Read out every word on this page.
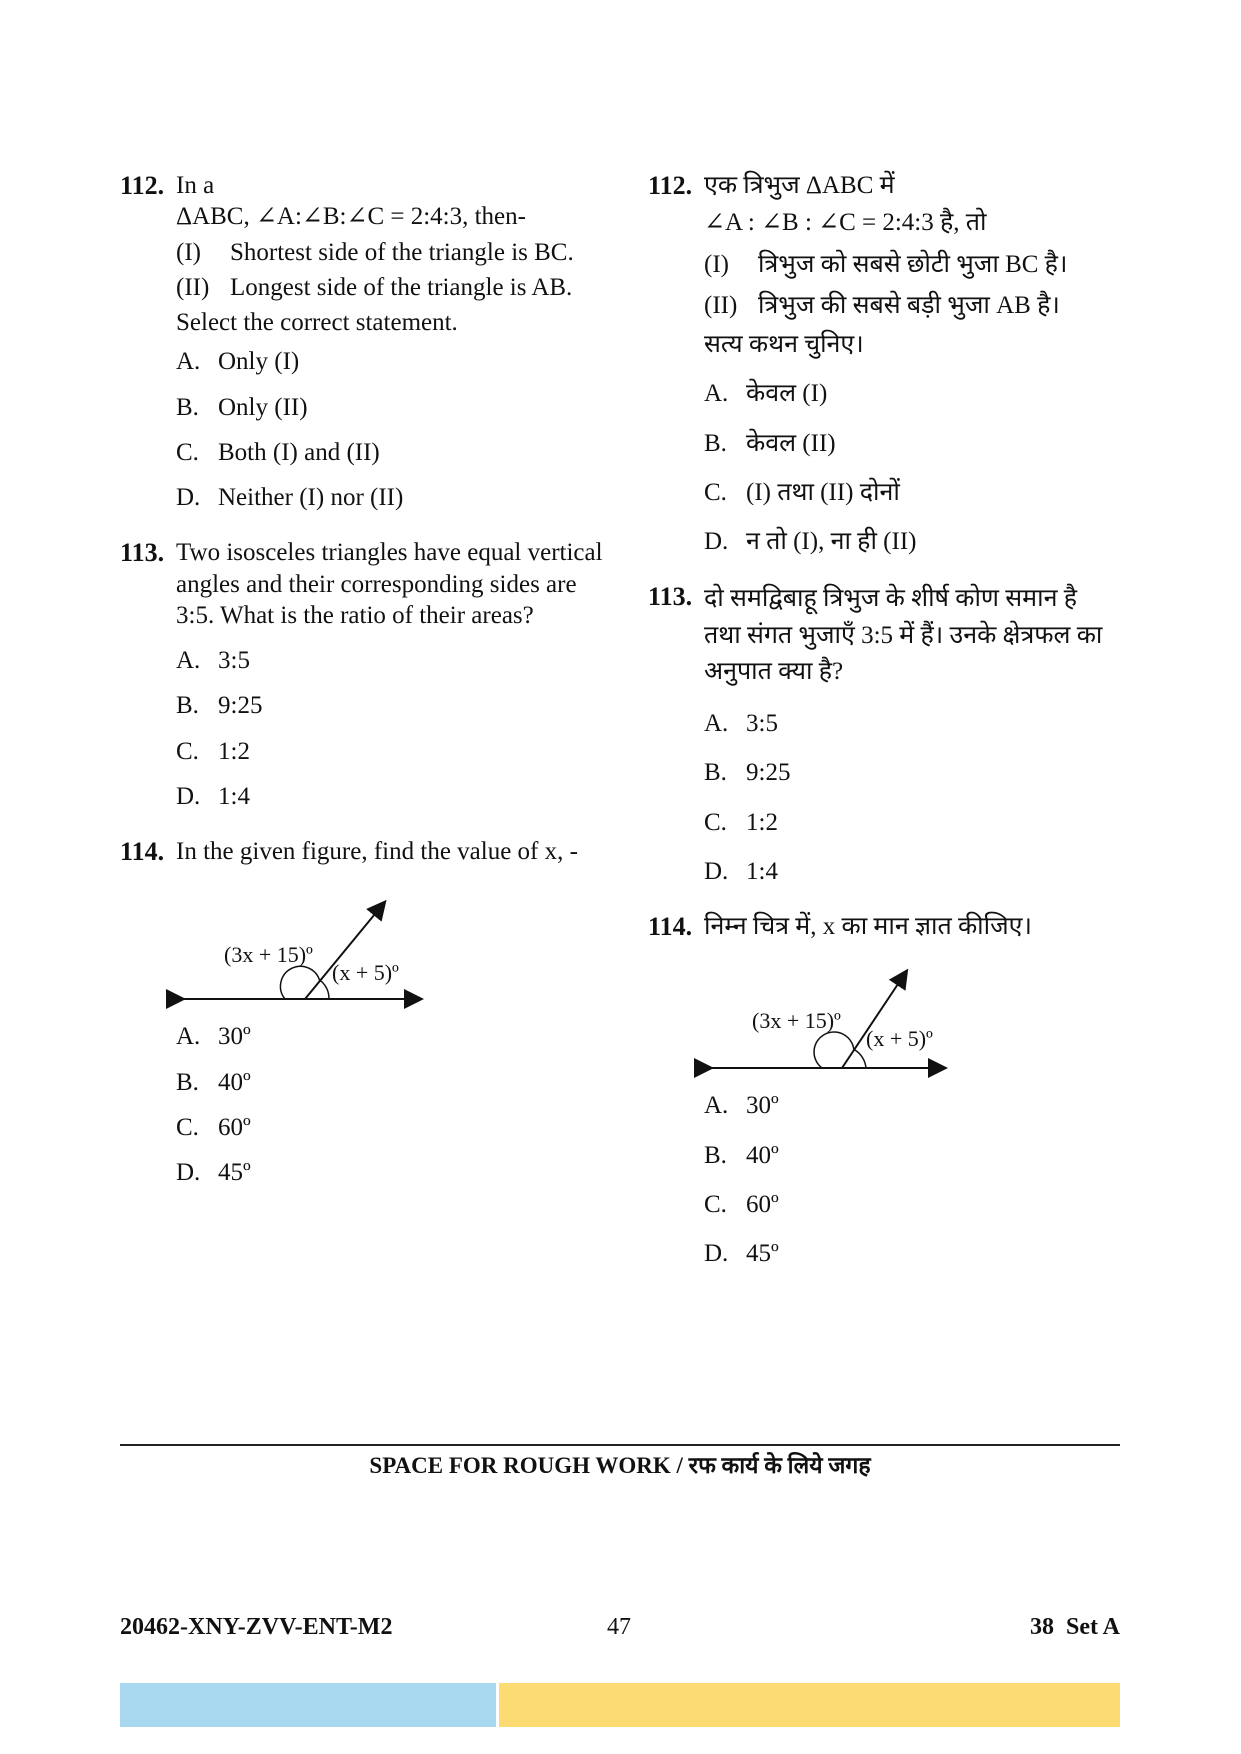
112. In a

ΔABC, ∠A:∠B:∠C = 2:4:3, then-

(I)	Shortest side of the triangle is BC.
(II) Longest side of the triangle is AB.

Select the correct statement.

A. Only (I)
B. Only (II)
C. Both (I) and (II)
D. Neither (I) nor (II)
113. Two isosceles triangles have equal vertical angles and their corresponding sides are 3:5. What is the ratio of their areas?

A. 3:5
B. 9:25
C. 1:2
D. 1:4
114. In the given figure, find the value of x, -

(3x + 15)º
(x + 5)º
A. 30º
B. 40º
C. 60º
D. 45º
112. एक त्रिभुज ΔABC में

∠A : ∠B : ∠C = 2:4:3 है, तो

(I)	त्रिभुज को सबसे छोटी भुजा BC है।
(II) त्रिभुज की सबसे बड़ी भुजा AB है।

सत्य कथन चुनिए।

A. केवल (I)
B. केवल (II)
C. (I) तथा (II) दोनों
D. न तो (I), ना ही (II)
113. दो समद्विबाहू त्रिभुज के शीर्ष कोण समान है तथा संगत भुजाएँ 3:5 में हैं। उनके क्षेत्रफल का अनुपात क्या है?

A. 3:5
B. 9:25
C. 1:2
D. 1:4
114. निम्न चित्र में, x का मान ज्ञात कीजिए।

(3x + 15)º
(x + 5)º
A. 30º
B. 40º
C. 60º
D. 45º
SPACE FOR ROUGH WORK / रफ कार्य के लिये जगह
20462-XNY-ZVV-ENT-M2	47	38  Set A
